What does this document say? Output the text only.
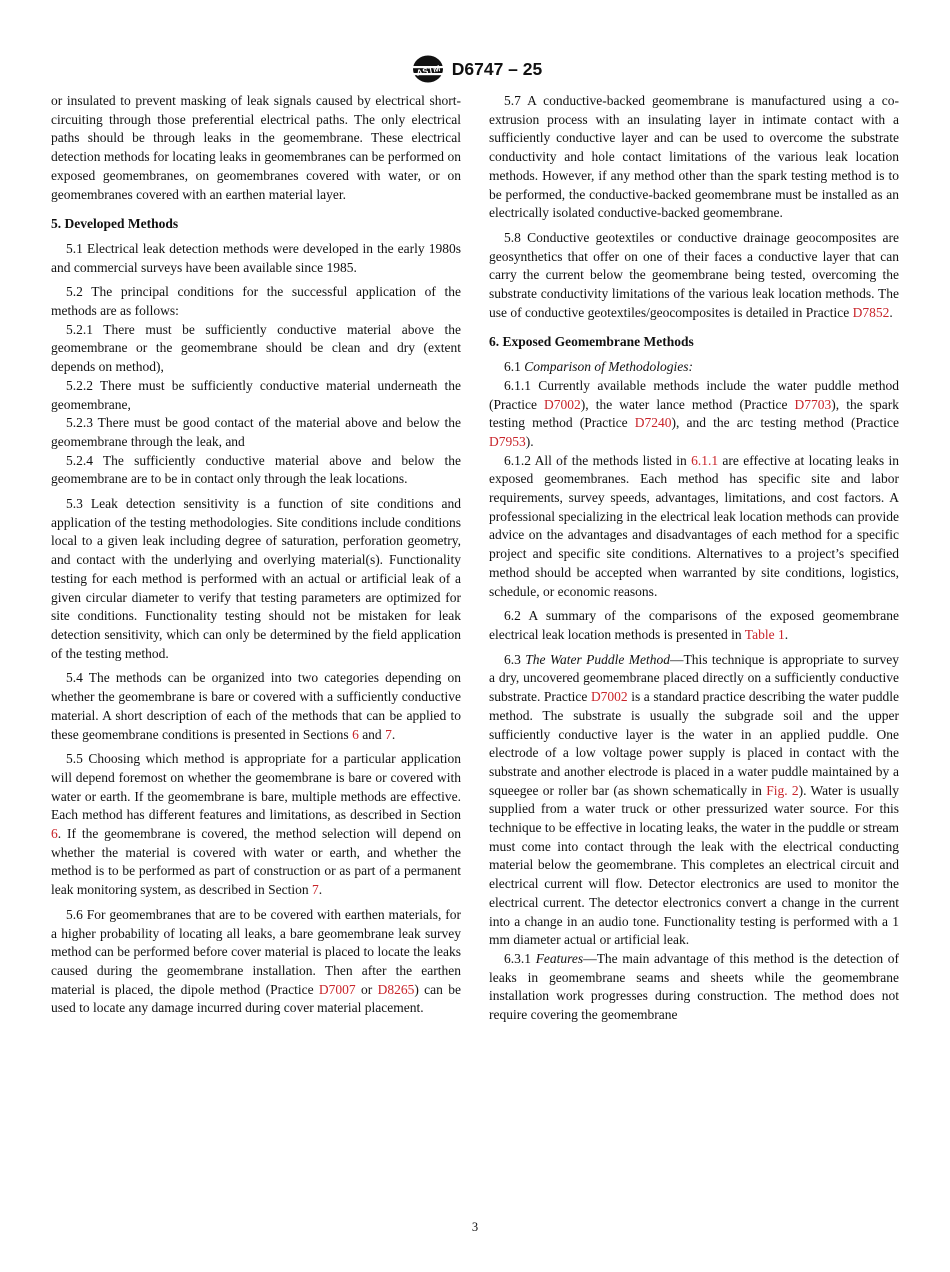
ASTM D6747 – 25

or insulated to prevent masking of leak signals caused by electrical short-circuiting through those preferential electrical paths. The only electrical paths should be through leaks in the geomembrane. These electrical detection methods for locating leaks in geomembranes can be performed on exposed geomembranes, on geomembranes covered with water, or on geomembranes covered with an earthen material layer.

5. Developed Methods

5.1 Electrical leak detection methods were developed in the early 1980s and commercial surveys have been available since 1985.

5.2 The principal conditions for the successful application of the methods are as follows:

5.2.1 There must be sufficiently conductive material above the geomembrane or the geomembrane should be clean and dry (extent depends on method),

5.2.2 There must be sufficiently conductive material underneath the geomembrane,

5.2.3 There must be good contact of the material above and below the geomembrane through the leak, and

5.2.4 The sufficiently conductive material above and below the geomembrane are to be in contact only through the leak locations.

5.3 Leak detection sensitivity is a function of site conditions and application of the testing methodologies. Site conditions include conditions local to a given leak including degree of saturation, perforation geometry, and contact with the underlying and overlying material(s). Functionality testing for each method is performed with an actual or artificial leak of a given circular diameter to verify that testing parameters are optimized for site conditions. Functionality testing should not be mistaken for leak detection sensitivity, which can only be determined by the field application of the testing method.

5.4 The methods can be organized into two categories depending on whether the geomembrane is bare or covered with a sufficiently conductive material. A short description of each of the methods that can be applied to these geomembrane conditions is presented in Sections 6 and 7.

5.5 Choosing which method is appropriate for a particular application will depend foremost on whether the geomembrane is bare or covered with water or earth. If the geomembrane is bare, multiple methods are effective. Each method has different features and limitations, as described in Section 6. If the geomembrane is covered, the method selection will depend on whether the material is covered with water or earth, and whether the method is to be performed as part of construction or as part of a permanent leak monitoring system, as described in Section 7.

5.6 For geomembranes that are to be covered with earthen materials, for a higher probability of locating all leaks, a bare geomembrane leak survey method can be performed before cover material is placed to locate the leaks caused during the geomembrane installation. Then after the earthen material is placed, the dipole method (Practice D7007 or D8265) can be used to locate any damage incurred during cover material placement.

5.7 A conductive-backed geomembrane is manufactured using a co-extrusion process with an insulating layer in intimate contact with a sufficiently conductive layer and can be used to overcome the substrate conductivity and hole contact limitations of the various leak location methods. However, if any method other than the spark testing method is to be performed, the conductive-backed geomembrane must be installed as an electrically isolated conductive-backed geomembrane.

5.8 Conductive geotextiles or conductive drainage geocomposites are geosynthetics that offer on one of their faces a conductive layer that can carry the current below the geomembrane being tested, overcoming the substrate conductivity limitations of the various leak location methods. The use of conductive geotextiles/geocomposites is detailed in Practice D7852.

6. Exposed Geomembrane Methods

6.1 Comparison of Methodologies:

6.1.1 Currently available methods include the water puddle method (Practice D7002), the water lance method (Practice D7703), the spark testing method (Practice D7240), and the arc testing method (Practice D7953).

6.1.2 All of the methods listed in 6.1.1 are effective at locating leaks in exposed geomembranes. Each method has specific site and labor requirements, survey speeds, advantages, limitations, and cost factors. A professional specializing in the electrical leak location methods can provide advice on the advantages and disadvantages of each method for a specific project and specific site conditions. Alternatives to a project’s specified method should be accepted when warranted by site conditions, logistics, schedule, or economic reasons.

6.2 A summary of the comparisons of the exposed geomembrane electrical leak location methods is presented in Table 1.

6.3 The Water Puddle Method—This technique is appropriate to survey a dry, uncovered geomembrane placed directly on a sufficiently conductive substrate. Practice D7002 is a standard practice describing the water puddle method. The substrate is usually the subgrade soil and the upper sufficiently conductive layer is the water in an applied puddle. One electrode of a low voltage power supply is placed in contact with the substrate and another electrode is placed in a water puddle maintained by a squeegee or roller bar (as shown schematically in Fig. 2). Water is usually supplied from a water truck or other pressurized water source. For this technique to be effective in locating leaks, the water in the puddle or stream must come into contact through the leak with the electrical conducting material below the geomembrane. This completes an electrical circuit and electrical current will flow. Detector electronics are used to monitor the electrical current. The detector electronics convert a change in the current into a change in an audio tone. Functionality testing is performed with a 1 mm diameter actual or artificial leak.

6.3.1 Features—The main advantage of this method is the detection of leaks in geomembrane seams and sheets while the geomembrane installation work progresses during construction. The method does not require covering the geomembrane

3
